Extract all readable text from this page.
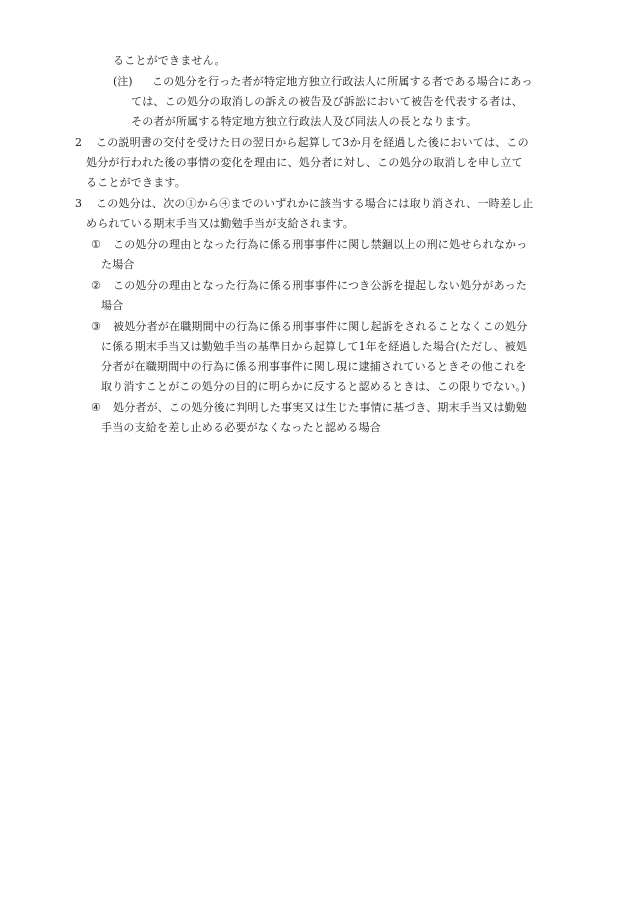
ることができません。
(注) この処分を行った者が特定地方独立行政法人に所属する者である場合にあっ
ては、この処分の取消しの訴えの被告及び訴訟において被告を代表する者は、
その者が所属する特定地方独立行政法人及び同法人の長となります。
2 この説明書の交付を受けた日の翌日から起算して3か月を経過した後においては、この
処分が行われた後の事情の変化を理由に、処分者に対し、この処分の取消しを申し立て
ることができます。
3 この処分は、次の①から④までのいずれかに該当する場合には取り消され、一時差し止
められている期末手当又は勤勉手当が支給されます。
① この処分の理由となった行為に係る刑事事件に関し禁錮以上の刑に処せられなかっ
た場合
② この処分の理由となった行為に係る刑事事件につき公訴を提起しない処分があった
場合
③ 被処分者が在職期間中の行為に係る刑事事件に関し起訴をされることなくこの処分
に係る期末手当又は勤勉手当の基準日から起算して1年を経過した場合(ただし、被処
分者が在職期間中の行為に係る刑事事件に関し現に逮捕されているときその他これを
取り消すことがこの処分の目的に明らかに反すると認めるときは、この限りでない。)
④ 処分者が、この処分後に判明した事実又は生じた事情に基づき、期末手当又は勤勉
手当の支給を差し止める必要がなくなったと認める場合
